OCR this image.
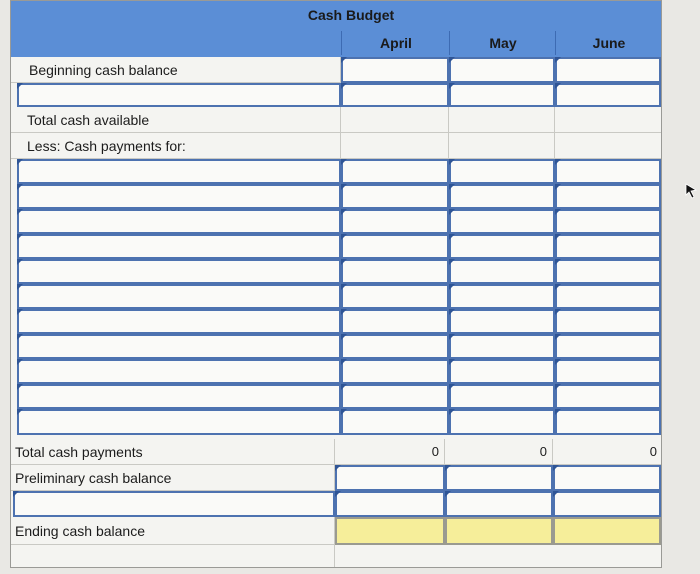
Cash Budget
April	May	June
Beginning cash balance
Total cash available
Less: Cash payments for:
Total cash payments	0	0	0
Preliminary cash balance
Ending cash balance
